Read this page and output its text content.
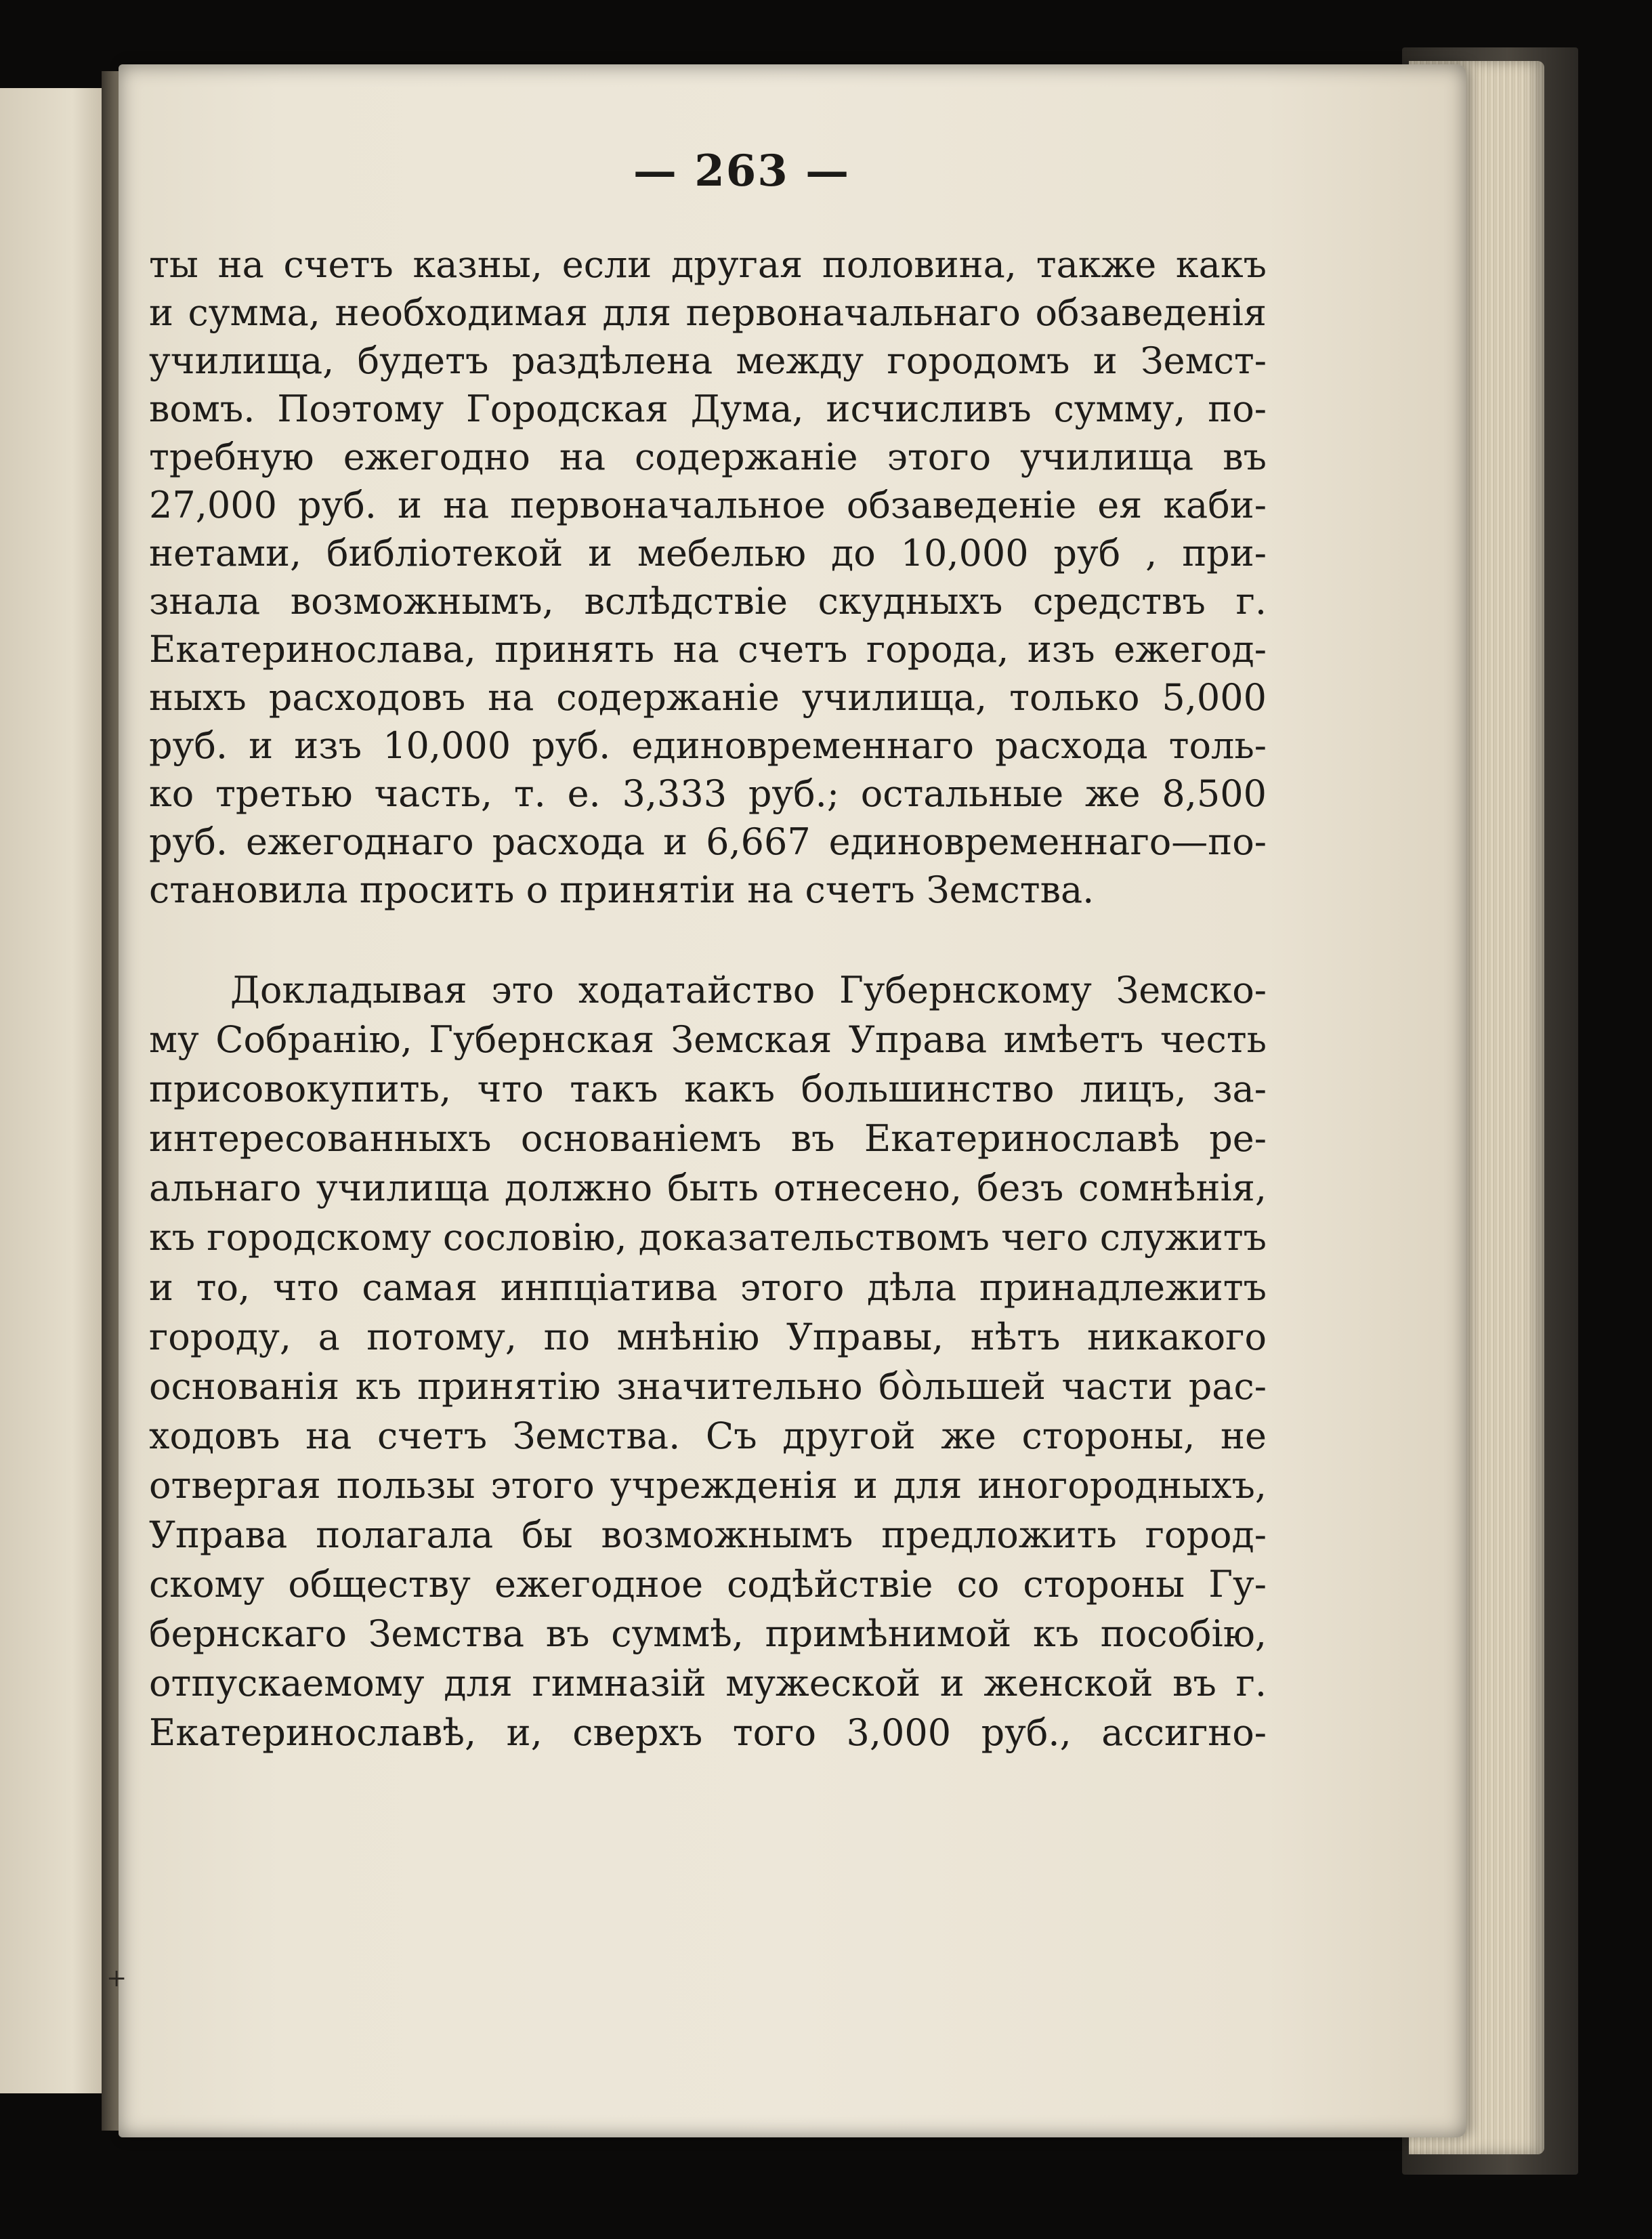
— 263 —
ты на счетъ казны, если другая половина, также какъ
и сумма, необходимая для первоначальнаго обзаведенія
училища, будетъ раздѣлена между городомъ и Земст-
вомъ. Поэтому Городская Дума, исчисливъ сумму, по-
требную ежегодно на содержаніе этого училища въ
27,000 руб. и на первоначальное обзаведеніе ея каби-
нетами, библіотекой и мебелью до 10,000 руб , при-
знала возможнымъ, вслѣдствіе скудныхъ средствъ г.
Екатеринослава, принять на счетъ города, изъ ежегод-
ныхъ расходовъ на содержаніе училища, только 5,000
руб. и изъ 10,000 руб. единовременнаго расхода толь-
ко третью часть, т. е. 3,333 руб.; остальные же 8,500
руб. ежегоднаго расхода и 6,667 единовременнаго—по-
становила просить о принятіи на счетъ Земства.
Докладывая это ходатайство Губернскому Земско-
му Собранію, Губернская Земская Управа имѣетъ честь
присовокупить, что такъ какъ большинство лицъ, за-
интересованныхъ основаніемъ въ Екатеринославѣ ре-
альнаго училища должно быть отнесено, безъ сомнѣнія,
къ городскому сословію, доказательствомъ чего служитъ
и то, что самая инпціатива этого дѣла принадлежитъ
городу, а потому, по мнѣнію Управы, нѣтъ никакого
основанія къ принятію значительно бо̀льшей части рас-
ходовъ на счетъ Земства. Съ другой же стороны, не
отвергая пользы этого учрежденія и для иногородныхъ,
Управа полагала бы возможнымъ предложить город-
скому обществу ежегодное содѣйствіе со стороны Гу-
бернскаго Земства въ суммѣ, примѣнимой къ пособію,
отпускаемому для гимназій мужеской и женской въ г.
Екатеринославѣ, и, сверхъ того 3,000 руб., ассигно-
+
